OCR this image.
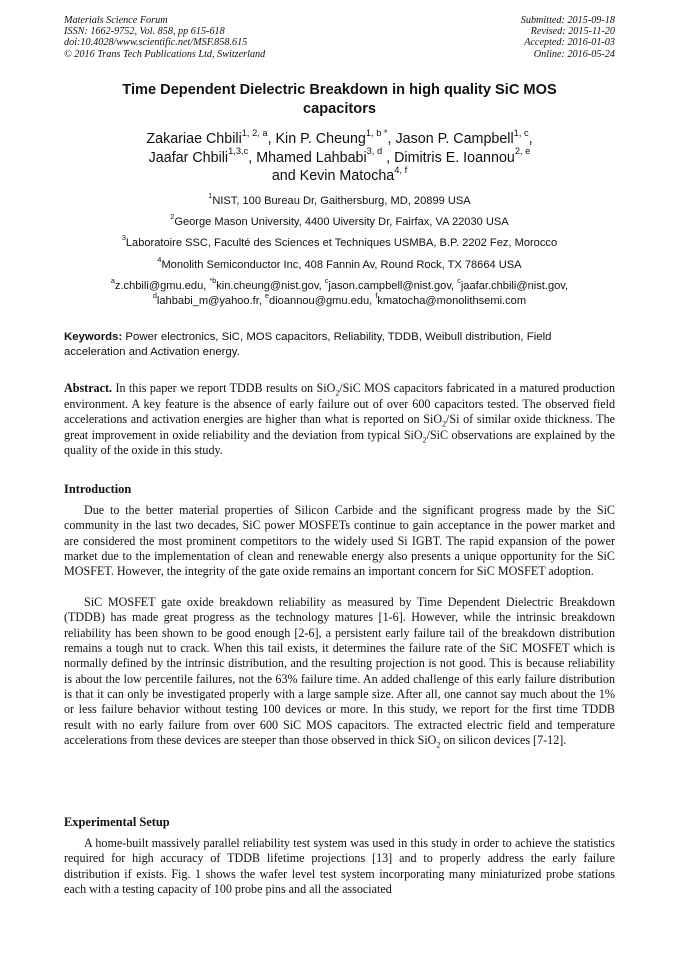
Materials Science Forum
ISSN: 1662-9752, Vol. 858, pp 615-618
doi:10.4028/www.scientific.net/MSF.858.615
© 2016 Trans Tech Publications Ltd, Switzerland
Submitted: 2015-09-18
Revised: 2015-11-20
Accepted: 2016-01-03
Online: 2016-05-24
Time Dependent Dielectric Breakdown in high quality SiC MOS
capacitors
Zakariae Chbili$^{1, 2, a}$, Kin P. Cheung$^{1, b *}$, Jason P. Campbell$^{1, c}$,
Jaafar Chbili$^{1,3,c}$, Mhamed Lahbabi$^{3, d}$ , Dimitris E. Ioannou$^{2, e}$
and Kevin Matocha$^{4, f}$
$^1$NIST, 100 Bureau Dr, Gaithersburg, MD, 20899 USA
$^2$George Mason University, 4400 Uiversity Dr, Fairfax, VA 22030 USA
$^3$Laboratoire SSC, Faculté des Sciences et Techniques USMBA, B.P. 2202 Fez, Morocco
$^4$Monolith Semiconductor Inc, 408 Fannin Av, Round Rock, TX 78664 USA
$^a$z.chbili@gmu.edu, $^{*b}$kin.cheung@nist.gov, $^c$jason.campbell@nist.gov, $^c$jaafar.chbili@nist.gov,
$^d$lahbabi_m@yahoo.fr, $^e$dioannou@gmu.edu, $^f$kmatocha@monolithsemi.com
Keywords: Power electronics, SiC, MOS capacitors, Reliability, TDDB, Weibull distribution, Field acceleration and Activation energy.
Abstract. In this paper we report TDDB results on SiO$_2$/SiC MOS capacitors fabricated in a matured production environment. A key feature is the absence of early failure out of over 600 capacitors tested. The observed field accelerations and activation energies are higher than what is reported on SiO$_2$/Si of similar oxide thickness. The great improvement in oxide reliability and the deviation from typical SiO$_2$/SiC observations are explained by the quality of the oxide in this study.
Introduction
Due to the better material properties of Silicon Carbide and the significant progress made by the SiC community in the last two decades, SiC power MOSFETs continue to gain acceptance in the power market and are considered the most prominent competitors to the widely used Si IGBT. The rapid expansion of the power market due to the implementation of clean and renewable energy also presents a unique opportunity for the SiC MOSFET. However, the integrity of the gate oxide remains an important concern for SiC MOSFET adoption.
SiC MOSFET gate oxide breakdown reliability as measured by Time Dependent Dielectric Breakdown (TDDB) has made great progress as the technology matures [1-6]. However, while the intrinsic breakdown reliability has been shown to be good enough [2-6], a persistent early failure tail of the breakdown distribution remains a tough nut to crack. When this tail exists, it determines the failure rate of the SiC MOSFET which is normally defined by the intrinsic distribution, and the resulting projection is not good. This is because reliability is about the low percentile failures, not the 63% failure time. An added challenge of this early failure distribution is that it can only be investigated properly with a large sample size. After all, one cannot say much about the 1% or less failure behavior without testing 100 devices or more. In this study, we report for the first time TDDB result with no early failure from over 600 SiC MOS capacitors. The extracted electric field and temperature accelerations from these devices are steeper than those observed in thick SiO$_2$ on silicon devices [7-12].
Experimental Setup
A home-built massively parallel reliability test system was used in this study in order to achieve the statistics required for high accuracy of TDDB lifetime projections [13] and to properly address the early failure distribution if exists. Fig. 1 shows the wafer level test system incorporating many miniaturized probe stations each with a testing capacity of 100 probe pins and all the associated
